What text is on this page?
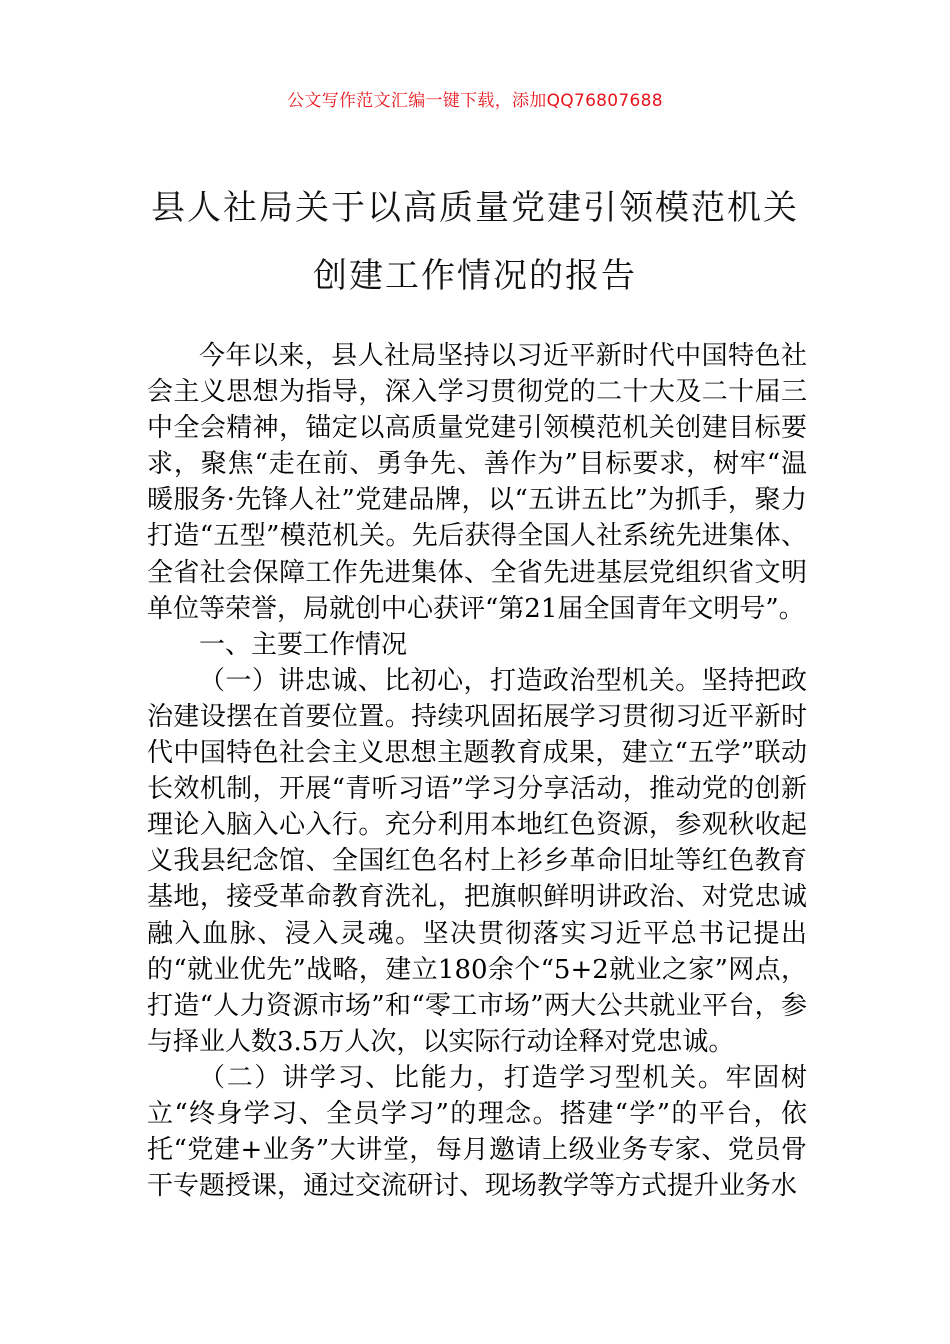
公文写作范文汇编一键下载，添加QQ76807688
县人社局关于以高质量党建引领模范机关
创建工作情况的报告

今年以来，县人社局坚持以习近平新时代中国特色社会主义思想为指导，深入学习贯彻党的二十大及二十届三中全会精神，锚定以高质量党建引领模范机关创建目标要求，聚焦“走在前、勇争先、善作为”目标要求，树牢“温暖服务·先锋人社”党建品牌，以“五讲五比”为抓手，聚力打造“五型”模范机关。先后获得全国人社系统先进集体、全省社会保障工作先进集体、全省先进基层党组织省文明单位等荣誉，局就创中心获评“第21届全国青年文明号”。

一、主要工作情况

（一）讲忠诚、比初心，打造政治型机关。坚持把政治建设摆在首要位置。持续巩固拓展学习贯彻习近平新时代中国特色社会主义思想主题教育成果，建立“五学”联动长效机制，开展“青听习语”学习分享活动，推动党的创新理论入脑入心入行。充分利用本地红色资源，参观秋收起义我县纪念馆、全国红色名村上衫乡革命旧址等红色教育基地，接受革命教育洗礼，把旗帜鲜明讲政治、对党忠诚融入血脉、浸入灵魂。坚决贯彻落实习近平总书记提出的“就业优先”战略，建立180余个“5+2就业之家”网点，打造“人力资源市场”和“零工市场”两大公共就业平台，参与择业人数3.5万人次，以实际行动诠释对党忠诚。

（二）讲学习、比能力，打造学习型机关。牢固树立“终身学习、全员学习”的理念。搭建“学”的平台，依托“党建+业务”大讲堂，每月邀请上级业务专家、党员骨干专题授课，通过交流研讨、现场教学等方式提升业务水
